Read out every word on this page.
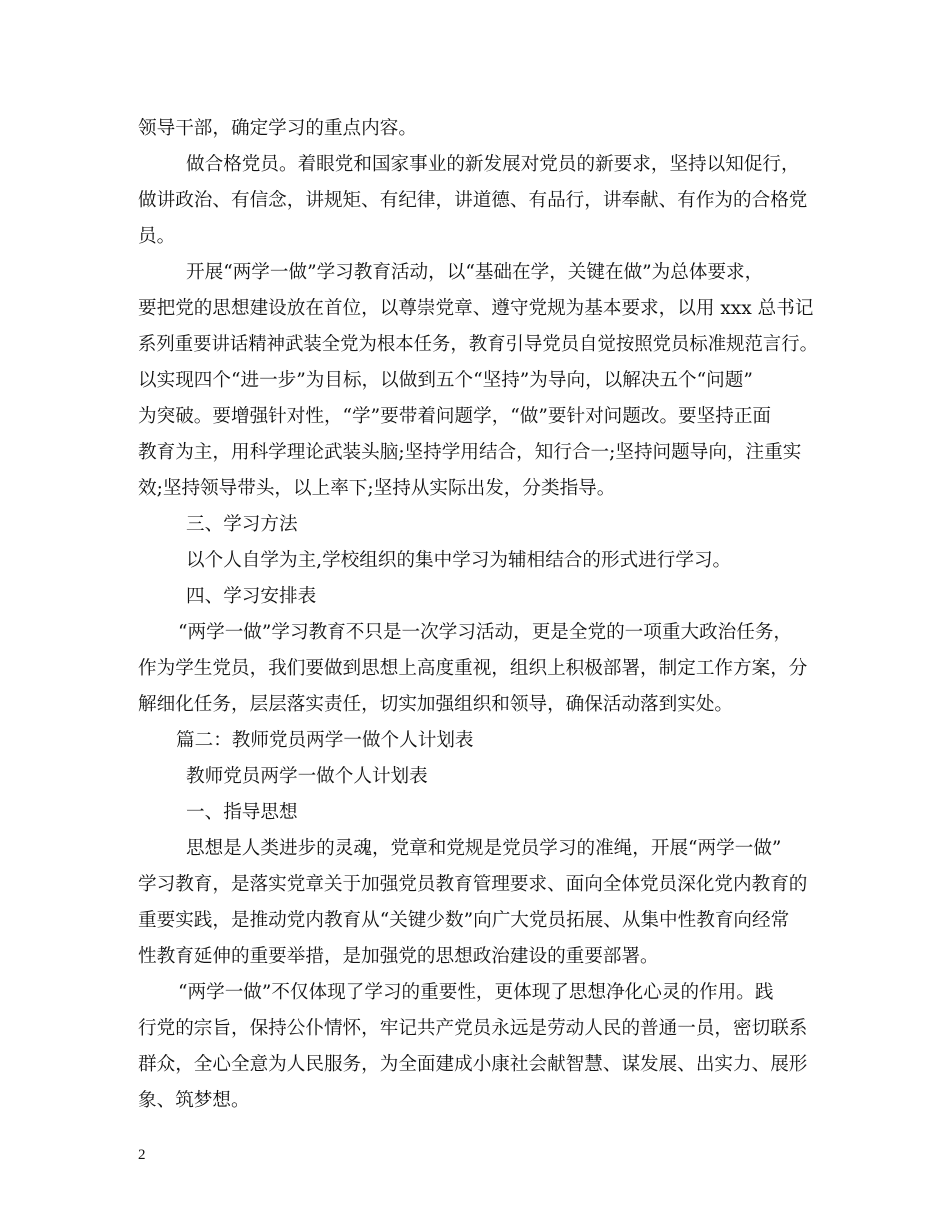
领导干部，确定学习的重点内容。
做合格党员。着眼党和国家事业的新发展对党员的新要求，坚持以知促行，
做讲政治、有信念，讲规矩、有纪律，讲道德、有品行，讲奉献、有作为的合格党
员。
开展“两学一做”学习教育活动，以“基础在学，关键在做”为总体要求，
要把党的思想建设放在首位，以尊崇党章、遵守党规为基本要求，以用 xxx 总书记
系列重要讲话精神武装全党为根本任务，教育引导党员自觉按照党员标准规范言行。
以实现四个“进一步”为目标，以做到五个“坚持”为导向，以解决五个“问题”
为突破。要增强针对性，“学”要带着问题学，“做”要针对问题改。要坚持正面
教育为主，用科学理论武装头脑;坚持学用结合，知行合一;坚持问题导向，注重实
效;坚持领导带头，以上率下;坚持从实际出发，分类指导。
三、学习方法
以个人自学为主,学校组织的集中学习为辅相结合的形式进行学习。
四、学习安排表
“两学一做”学习教育不只是一次学习活动，更是全党的一项重大政治任务，
作为学生党员，我们要做到思想上高度重视，组织上积极部署，制定工作方案，分
解细化任务，层层落实责任，切实加强组织和领导，确保活动落到实处。
篇二：教师党员两学一做个人计划表
教师党员两学一做个人计划表
一、指导思想
思想是人类进步的灵魂，党章和党规是党员学习的准绳，开展“两学一做”
学习教育，是落实党章关于加强党员教育管理要求、面向全体党员深化党内教育的
重要实践，是推动党内教育从“关键少数”向广大党员拓展、从集中性教育向经常
性教育延伸的重要举措，是加强党的思想政治建设的重要部署。
“两学一做”不仅体现了学习的重要性，更体现了思想净化心灵的作用。践
行党的宗旨，保持公仆情怀，牢记共产党员永远是劳动人民的普通一员，密切联系
群众，全心全意为人民服务，为全面建成小康社会献智慧、谋发展、出实力、展形
象、筑梦想。
2
